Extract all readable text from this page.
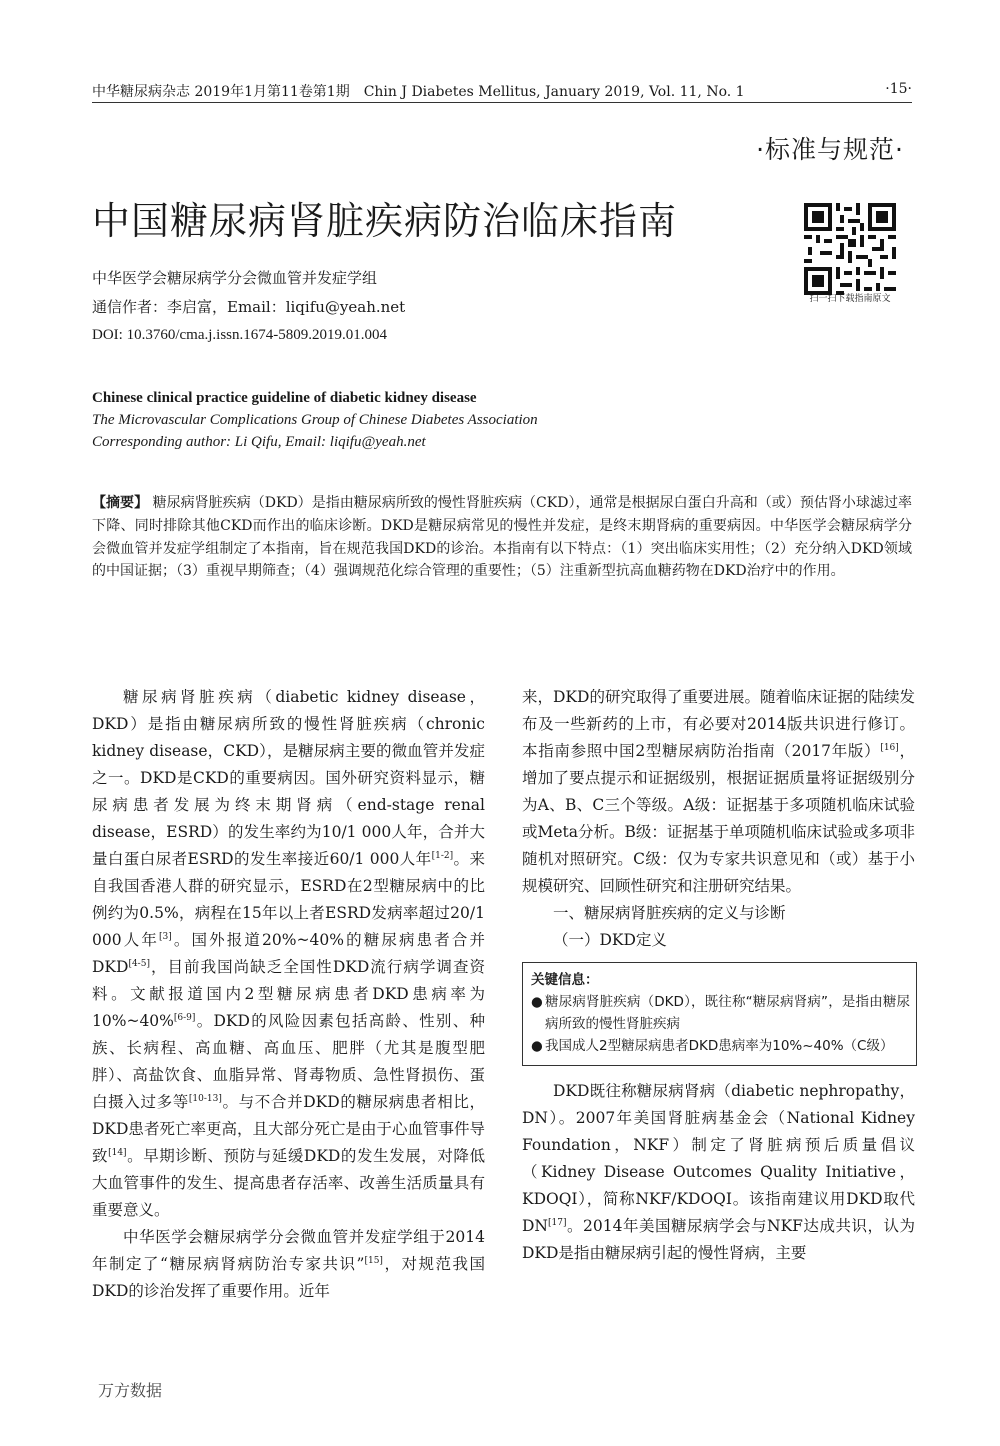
中华糖尿病杂志 2019年1月第11卷第1期　Chin J Diabetes Mellitus, January 2019, Vol. 11, No. 1	·15·
·标准与规范·
中国糖尿病肾脏疾病防治临床指南
扫一扫下载指南原文
中华医学会糖尿病学分会微血管并发症学组
通信作者：李启富，Email：liqifu@yeah.net
DOI: 10.3760/cma.j.issn.1674-5809.2019.01.004
Chinese clinical practice guideline of diabetic kidney disease
The Microvascular Complications Group of Chinese Diabetes Association
Corresponding author: Li Qifu, Email: liqifu@yeah.net
【摘要】 糖尿病肾脏疾病（DKD）是指由糖尿病所致的慢性肾脏疾病（CKD），通常是根据尿白蛋白升高和（或）预估肾小球滤过率下降、同时排除其他CKD而作出的临床诊断。DKD是糖尿病常见的慢性并发症，是终末期肾病的重要病因。中华医学会糖尿病学分会微血管并发症学组制定了本指南，旨在规范我国DKD的诊治。本指南有以下特点：（1）突出临床实用性；（2）充分纳入DKD领域的中国证据；（3）重视早期筛查；（4）强调规范化综合管理的重要性；（5）注重新型抗高血糖药物在DKD治疗中的作用。

糖尿病肾脏疾病（diabetic kidney disease，DKD）是指由糖尿病所致的慢性肾脏疾病（chronic kidney disease，CKD），是糖尿病主要的微血管并发症之一。DKD是CKD的重要病因。国外研究资料显示，糖尿病患者发展为终末期肾病（end-stage renal disease，ESRD）的发生率约为10/1 000人年，合并大量白蛋白尿者ESRD的发生率接近60/1 000人年[1-2]。来自我国香港人群的研究显示，ESRD在2型糖尿病中的比例约为0.5%，病程在15年以上者ESRD发病率超过20/1 000人年[3]。国外报道20%~40%的糖尿病患者合并DKD[4-5]，目前我国尚缺乏全国性DKD流行病学调查资料。文献报道国内2型糖尿病患者DKD患病率为10%~40%[6-9]。DKD的风险因素包括高龄、性别、种族、长病程、高血糖、高血压、肥胖（尤其是腹型肥胖）、高盐饮食、血脂异常、肾毒物质、急性肾损伤、蛋白摄入过多等[10-13]。与不合并DKD的糖尿病患者相比，DKD患者死亡率更高，且大部分死亡是由于心血管事件导致[14]。早期诊断、预防与延缓DKD的发生发展，对降低大血管事件的发生、提高患者存活率、改善生活质量具有重要意义。

中华医学会糖尿病学分会微血管并发症学组于2014年制定了“糖尿病肾病防治专家共识”[15]，对规范我国DKD的诊治发挥了重要作用。近年

来，DKD的研究取得了重要进展。随着临床证据的陆续发布及一些新药的上市，有必要对2014版共识进行修订。本指南参照中国2型糖尿病防治指南（2017年版）[16]，增加了要点提示和证据级别，根据证据质量将证据级别分为A、B、C三个等级。A级：证据基于多项随机临床试验或Meta分析。B级：证据基于单项随机临床试验或多项非随机对照研究。C级：仅为专家共识意见和（或）基于小规模研究、回顾性研究和注册研究结果。

一、糖尿病肾脏疾病的定义与诊断

（一）DKD定义

关键信息：
● 糖尿病肾脏疾病（DKD），既往称“糖尿病肾病”，是指由糖尿病所致的慢性肾脏疾病
● 我国成人2型糖尿病患者DKD患病率为10%~40%（C级）

DKD既往称糖尿病肾病（diabetic nephropathy，DN）。2007年美国肾脏病基金会（National Kidney Foundation，NKF）制定了肾脏病预后质量倡议（Kidney Disease Outcomes Quality Initiative，KDOQI），简称NKF/KDOQI。该指南建议用DKD取代DN[17]。2014年美国糖尿病学会与NKF达成共识，认为DKD是指由糖尿病引起的慢性肾病，主要

万方数据
